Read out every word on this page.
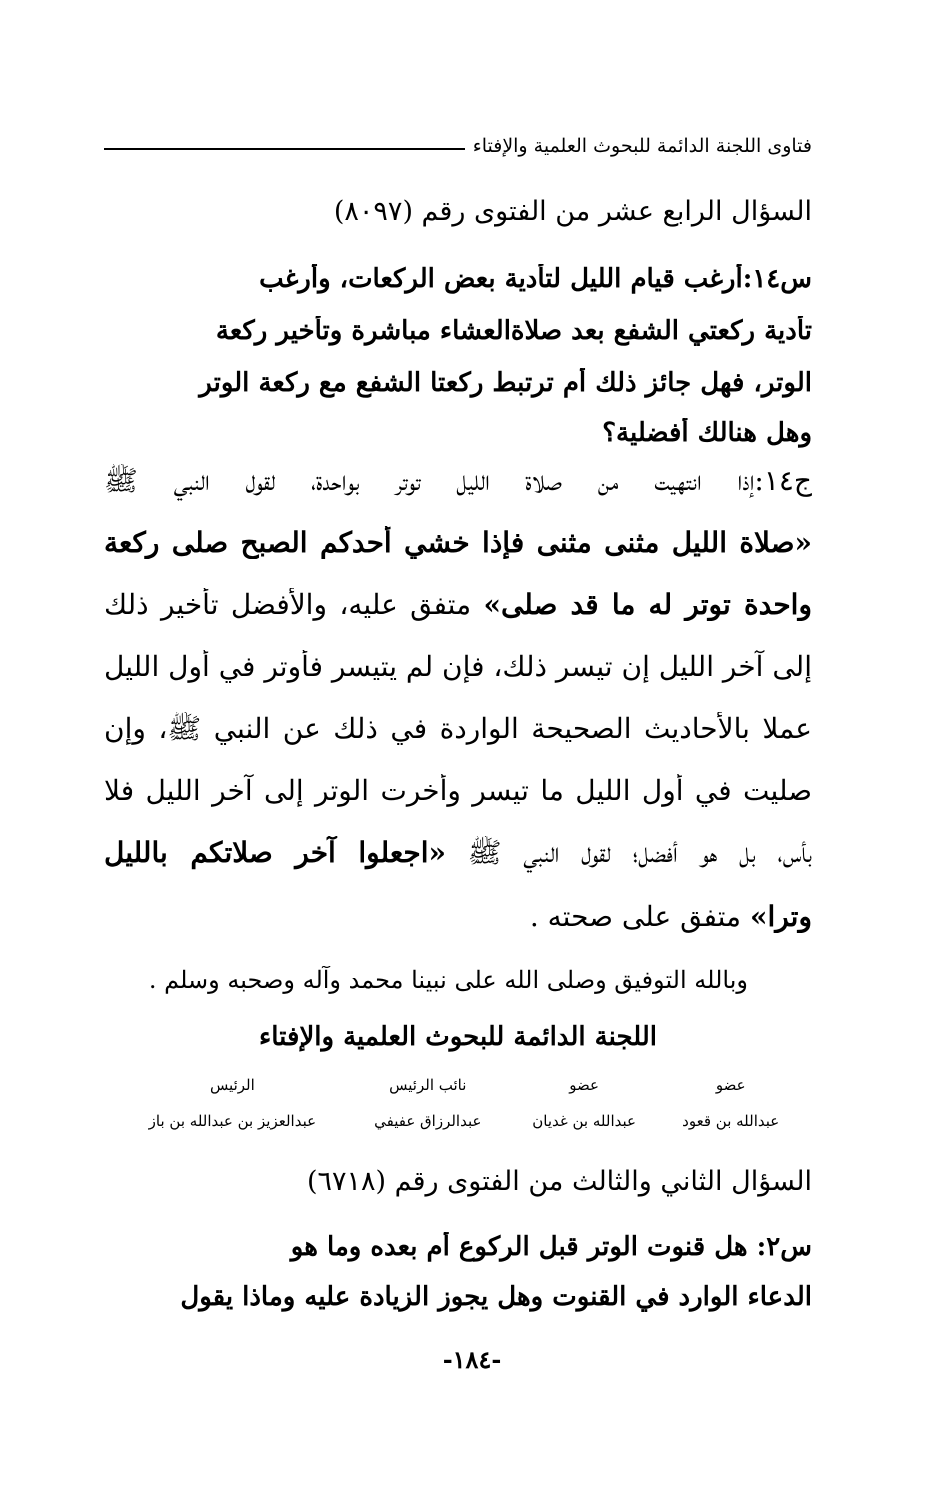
فتاوى اللجنة الدائمة للبحوث العلمية والإفتاء
السؤال الرابع عشر من الفتوى رقم (٨٠٩٧)
س١٤:أرغب قيام الليل لتأدية بعض الركعات، وأرغب
تأدية ركعتي الشفع بعد صلاةالعشاء مباشرة وتأخير ركعة
الوتر، فهل جائز ذلك أم ترتبط ركعتا الشفع مع ركعة الوتر
وهل هنالك أفضلية؟
ج١٤:إذا انتهيت من صلاة الليل توتر بواحدة، لقول النبي ﷺ
«صلاة الليل مثنى مثنى فإذا خشي أحدكم الصبح صلى ركعة
واحدة توتر له ما قد صلى» متفق عليه، والأفضل تأخير ذلك
إلى آخر الليل إن تيسر ذلك، فإن لم يتيسر فأوتر في أول الليل
عملا بالأحاديث الصحيحة الواردة في ذلك عن النبي ﷺ، وإن
صليت في أول الليل ما تيسر وأخرت الوتر إلى آخر الليل فلا
بأس، بل هو أفضل؛ لقول النبي ﷺ «اجعلوا آخر صلاتكم بالليل
وترا» متفق على صحته .
وبالله التوفيق وصلى الله على نبينا محمد وآله وصحبه وسلم .
اللجنة الدائمة للبحوث العلمية والإفتاء
عضو
عضو
نائب الرئيس
الرئيس
عبدالله بن قعود
عبدالله بن غديان
عبدالرزاق عفيفي
عبدالعزيز بن عبدالله بن باز
السؤال الثاني والثالث من الفتوى رقم (٦٧١٨)
س٢: هل قنوت الوتر قبل الركوع أم بعده وما هو
الدعاء الوارد في القنوت وهل يجوز الزيادة عليه وماذا يقول
-١٨٤-
